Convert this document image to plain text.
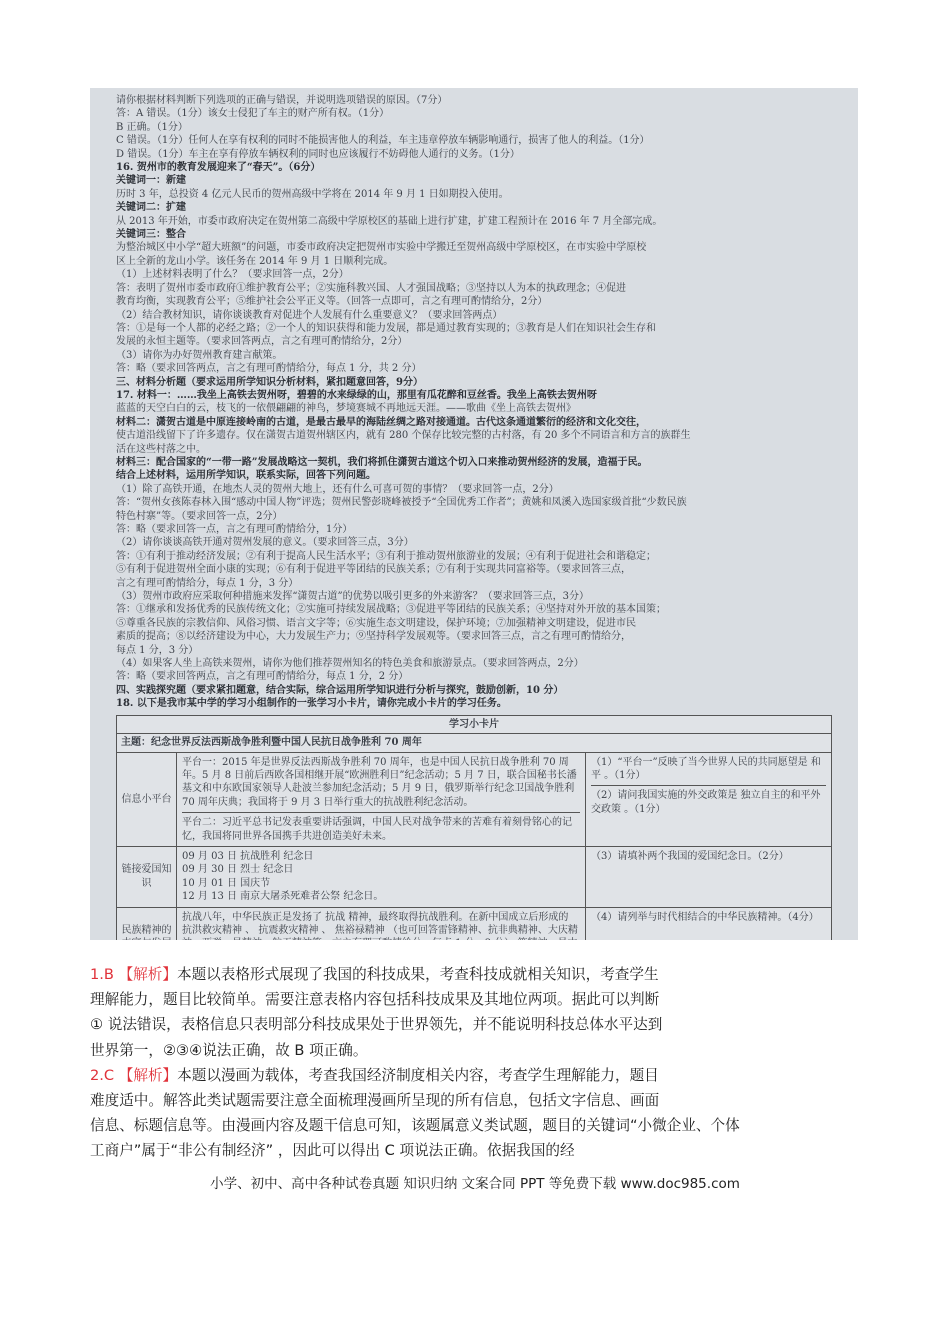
请你根据材料判断下列选项的正确与错误，并说明选项错误的原因。（7分）
答：A 错误。（1分）该女士侵犯了车主的财产所有权。（1分）
B 正确。（1分）
C 错误。（1分）任何人在享有权利的同时不能损害他人的利益，车主违章停放车辆影响通行，损害了他人的利益。（1分）
D 错误。（1分）车主在享有停放车辆权利的同时也应该履行不妨碍他人通行的义务。（1分）
16. 贺州市的教育发展迎来了“春天”。（6分）
关键词一：新建
历时 3 年，总投资 4 亿元人民币的贺州高级中学将在 2014 年 9 月 1 日如期投入使用。
关键词二：扩建
从 2013 年开始，市委市政府决定在贺州第二高级中学原校区的基础上进行扩建，扩建工程预计在 2016 年 7 月全部完成。
关键词三：整合
为整治城区中小学“超大班额”的问题，市委市政府决定把贺州市实验中学搬迁至贺州高级中学原校区，在市实验中学原校
区上全新的龙山小学。该任务在 2014 年 9 月 1 日顺利完成。
（1）上述材料表明了什么？（要求回答一点，2分）
答：表明了贺州市委市政府①维护教育公平；②实施科教兴国、人才强国战略；③坚持以人为本的执政理念；④促进
教育均衡，实现教育公平；⑤维护社会公平正义等。（回答一点即可，言之有理可酌情给分，2分）
（2）结合教材知识，请你谈谈教育对促进个人发展有什么重要意义？（要求回答两点）
答：①是每一个人都的必经之路；②一个人的知识获得和能力发展，都是通过教育实现的；③教育是人们在知识社会生存和
发展的永恒主题等。（要求回答两点，言之有理可酌情给分，2分）
（3）请你为办好贺州教育建言献策。
答：略（要求回答两点，言之有理可酌情给分，每点 1 分，共 2 分）
三、材料分析题（要求运用所学知识分析材料，紧扣题意回答，9分）
17. 材料一：……我坐上高铁去贺州呀，碧碧的水来绿绿的山，那里有瓜花醉和豆丝香。我坐上高铁去贺州呀
蓝蓝的天空白白的云，枝飞的一依偎翩翩的神鸟，梦境赛城不再地远天涯。——歌曲《坐上高铁去贺州》
材料二：潇贺古道是中原连接岭南的古道，是最古最早的海陆丝绸之路对接通道。古代这条通道繁衍的经济和文化交往，
使古道沿线留下了许多遗存。仅在潇贺古道贺州辖区内，就有 280 个保存比较完整的古村落，有 20 多个不同语言和方言的族群生
活在这些村落之中。
材料三：配合国家的“一带一路”发展战略这一契机，我们将抓住潇贺古道这个切入口来推动贺州经济的发展，造福于民。
结合上述材料，运用所学知识，联系实际，回答下列问题。
（1）除了高铁开通，在地杰人灵的贺州大地上，还有什么可喜可贺的事情？（要求回答一点，2分）
答：“贺州女孩陈春林入围“感动中国人物”评选；贺州民警彭晓峰被授予“全国优秀工作者”；黄姚和凤溪入选国家级首批“少数民族
特色村寨”等。（要求回答一点，2分）
答：略（要求回答一点，言之有理可酌情给分，1分）
（2）请你谈谈高铁开通对贺州发展的意义。（要求回答三点，3分）
答：①有利于推动经济发展；②有利于提高人民生活水平；③有利于推动贺州旅游业的发展；④有利于促进社会和谐稳定；
⑤有利于促进贺州全面小康的实现；⑥有利于促进平等团结的民族关系；⑦有利于实现共同富裕等。（要求回答三点，
言之有理可酌情给分，每点 1 分，3 分）
（3）贺州市政府应采取何种措施来发挥“潇贺古道”的优势以吸引更多的外来游客？（要求回答三点，3分）
答：①继承和发扬优秀的民族传统文化；②实施可持续发展战略；③促进平等团结的民族关系；④坚持对外开放的基本国策；
⑤尊重各民族的宗教信仰、风俗习惯、语言文字等；⑥实施生态文明建设，保护环境；⑦加强精神文明建设，促进市民
素质的提高；⑧以经济建设为中心，大力发展生产力；⑨坚持科学发展观等。（要求回答三点，言之有理可酌情给分，
每点 1 分，3 分）
（4）如果客人坐上高铁来贺州，请你为他们推荐贺州知名的特色美食和旅游景点。（要求回答两点，2分）
答：略（要求回答两点，言之有理可酌情给分，每点 1 分，2 分）
四、实践探究题（要求紧扣题意，结合实际，综合运用所学知识进行分析与探究，鼓励创新，10 分）
18. 以下是我市某中学的学习小组制作的一张学习小卡片，请你完成小卡片的学习任务。
学习小卡片
主题：纪念世界反法西斯战争胜利暨中国人民抗日战争胜利 70 周年
信息小平台
平台一：2015 年是世界反法西斯战争胜利 70 周年，也是中国人民抗日战争胜利 70 周年。5 月 8 日前后西欧各国相继开展“欧洲胜利日”纪念活动；5 月 7 日，联合国秘书长潘基文和中东欧国家领导人赴波兰参加纪念活动；5 月 9 日，俄罗斯举行纪念卫国战争胜利 70 周年庆典；我国将于 9 月 3 日举行重大的抗战胜利纪念活动。
平台二：习近平总书记发表重要讲话强调，中国人民对战争带来的苦难有着刻骨铭心的记忆，我国将同世界各国携手共进创造美好未来。
（1）“平台一”反映了当今世界人民的共同愿望是 和平 。（1分）
（2）请问我国实施的外交政策是 独立自主的和平外交政策 。（1分）
链接爱国知识
09 月 03 日 抗战胜利 纪念日
09 月 30 日 烈士 纪念日
10 月 01 日 国庆节
12 月 13 日 南京大屠杀死难者公祭 纪念日。
（3）请填补两个我国的爱国纪念日。（2分）
民族精神的
抗战八年，中华民族正是发扬了 抗战 精神，最终取得抗战胜利。在新中国成立后形成的 抗洪救灾精神 、 抗震救灾精神 、 焦裕禄精神 （也可回答雷锋精神、抗非典精神、大庆精
（4）请列举与时代相结合的中华民族精神。（4分）
1.B 【解析】本题以表格形式展现了我国的科技成果，考查科技成就相关知识，考查学生
理解能力，题目比较简单。需要注意表格内容包括科技成果及其地位两项。据此可以判断
① 说法错误，表格信息只表明部分科技成果处于世界领先，并不能说明科技总体水平达到
世界第一，②③④说法正确，故 B 项正确。
2.C 【解析】本题以漫画为载体，考查我国经济制度相关内容，考查学生理解能力，题目
难度适中。解答此类试题需要注意全面梳理漫画所呈现的所有信息，包括文字信息、画面
信息、标题信息等。由漫画内容及题干信息可知，该题属意义类试题，题目的关键词“小微企业、个体
工商户”属于“非公有制经济” ，因此可以得出 C 项说法正确。依据我国的经
小学、初中、高中各种试卷真题 知识归纳 文案合同 PPT 等免费下载 www.doc985.com
